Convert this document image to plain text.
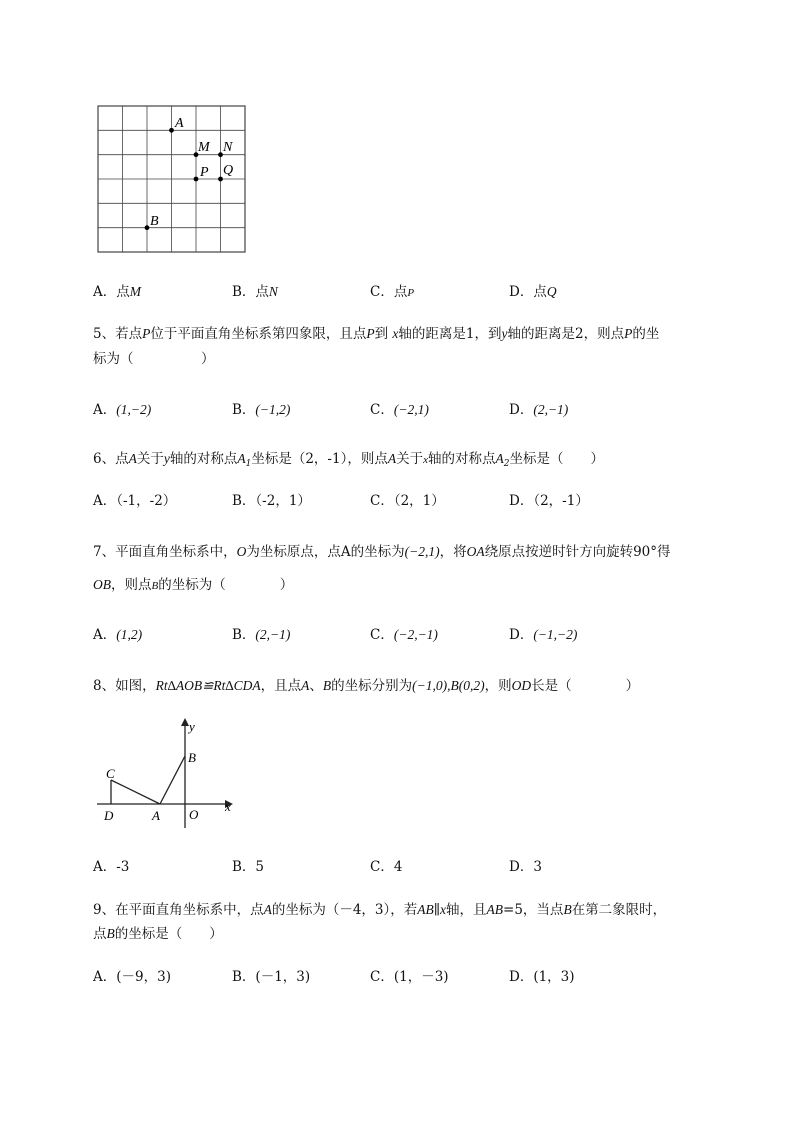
A
M N
P Q
B
A．点M	B．点N	C．点P	D．点Q
5、若点P位于平面直角坐标系第四象限，且点P到 x轴的距离是1，到y轴的距离是2，则点P的坐
标为（　　　　　）
A．(1,−2)	B．(−1,2)	C．(−2,1)	D．(2,−1)
6、点A关于y轴的对称点$A_1$坐标是（2，-1），则点A关于x轴的对称点$A_2$坐标是（　　）
A．（-1，-2）	B．（-2，1）	C．（2，1）	D．（2，-1）
7、平面直角坐标系中，O为坐标原点，点A的坐标为(−2,1)，将OA绕原点按逆时针方向旋转90°得
OB，则点B的坐标为（　　　　）
A．(1,2)	B．(2,−1)	C．(−2,−1)	D．(−1,−2)
8、如图，Rt∆AOB≌Rt∆CDA，且点A、B的坐标分别为(−1,0),B(0,2)，则OD长是（　　　　）
y
B
C
D	A O
x
A．-3	B．5	C．4	D．3
9、在平面直角坐标系中，点A的坐标为（－4，3），若AB∥x轴，且AB=5，当点B在第二象限时，
点B的坐标是（　　）
A．(－9，3)	B．(－1，3)	C．(1，－3)	D．(1，3)
